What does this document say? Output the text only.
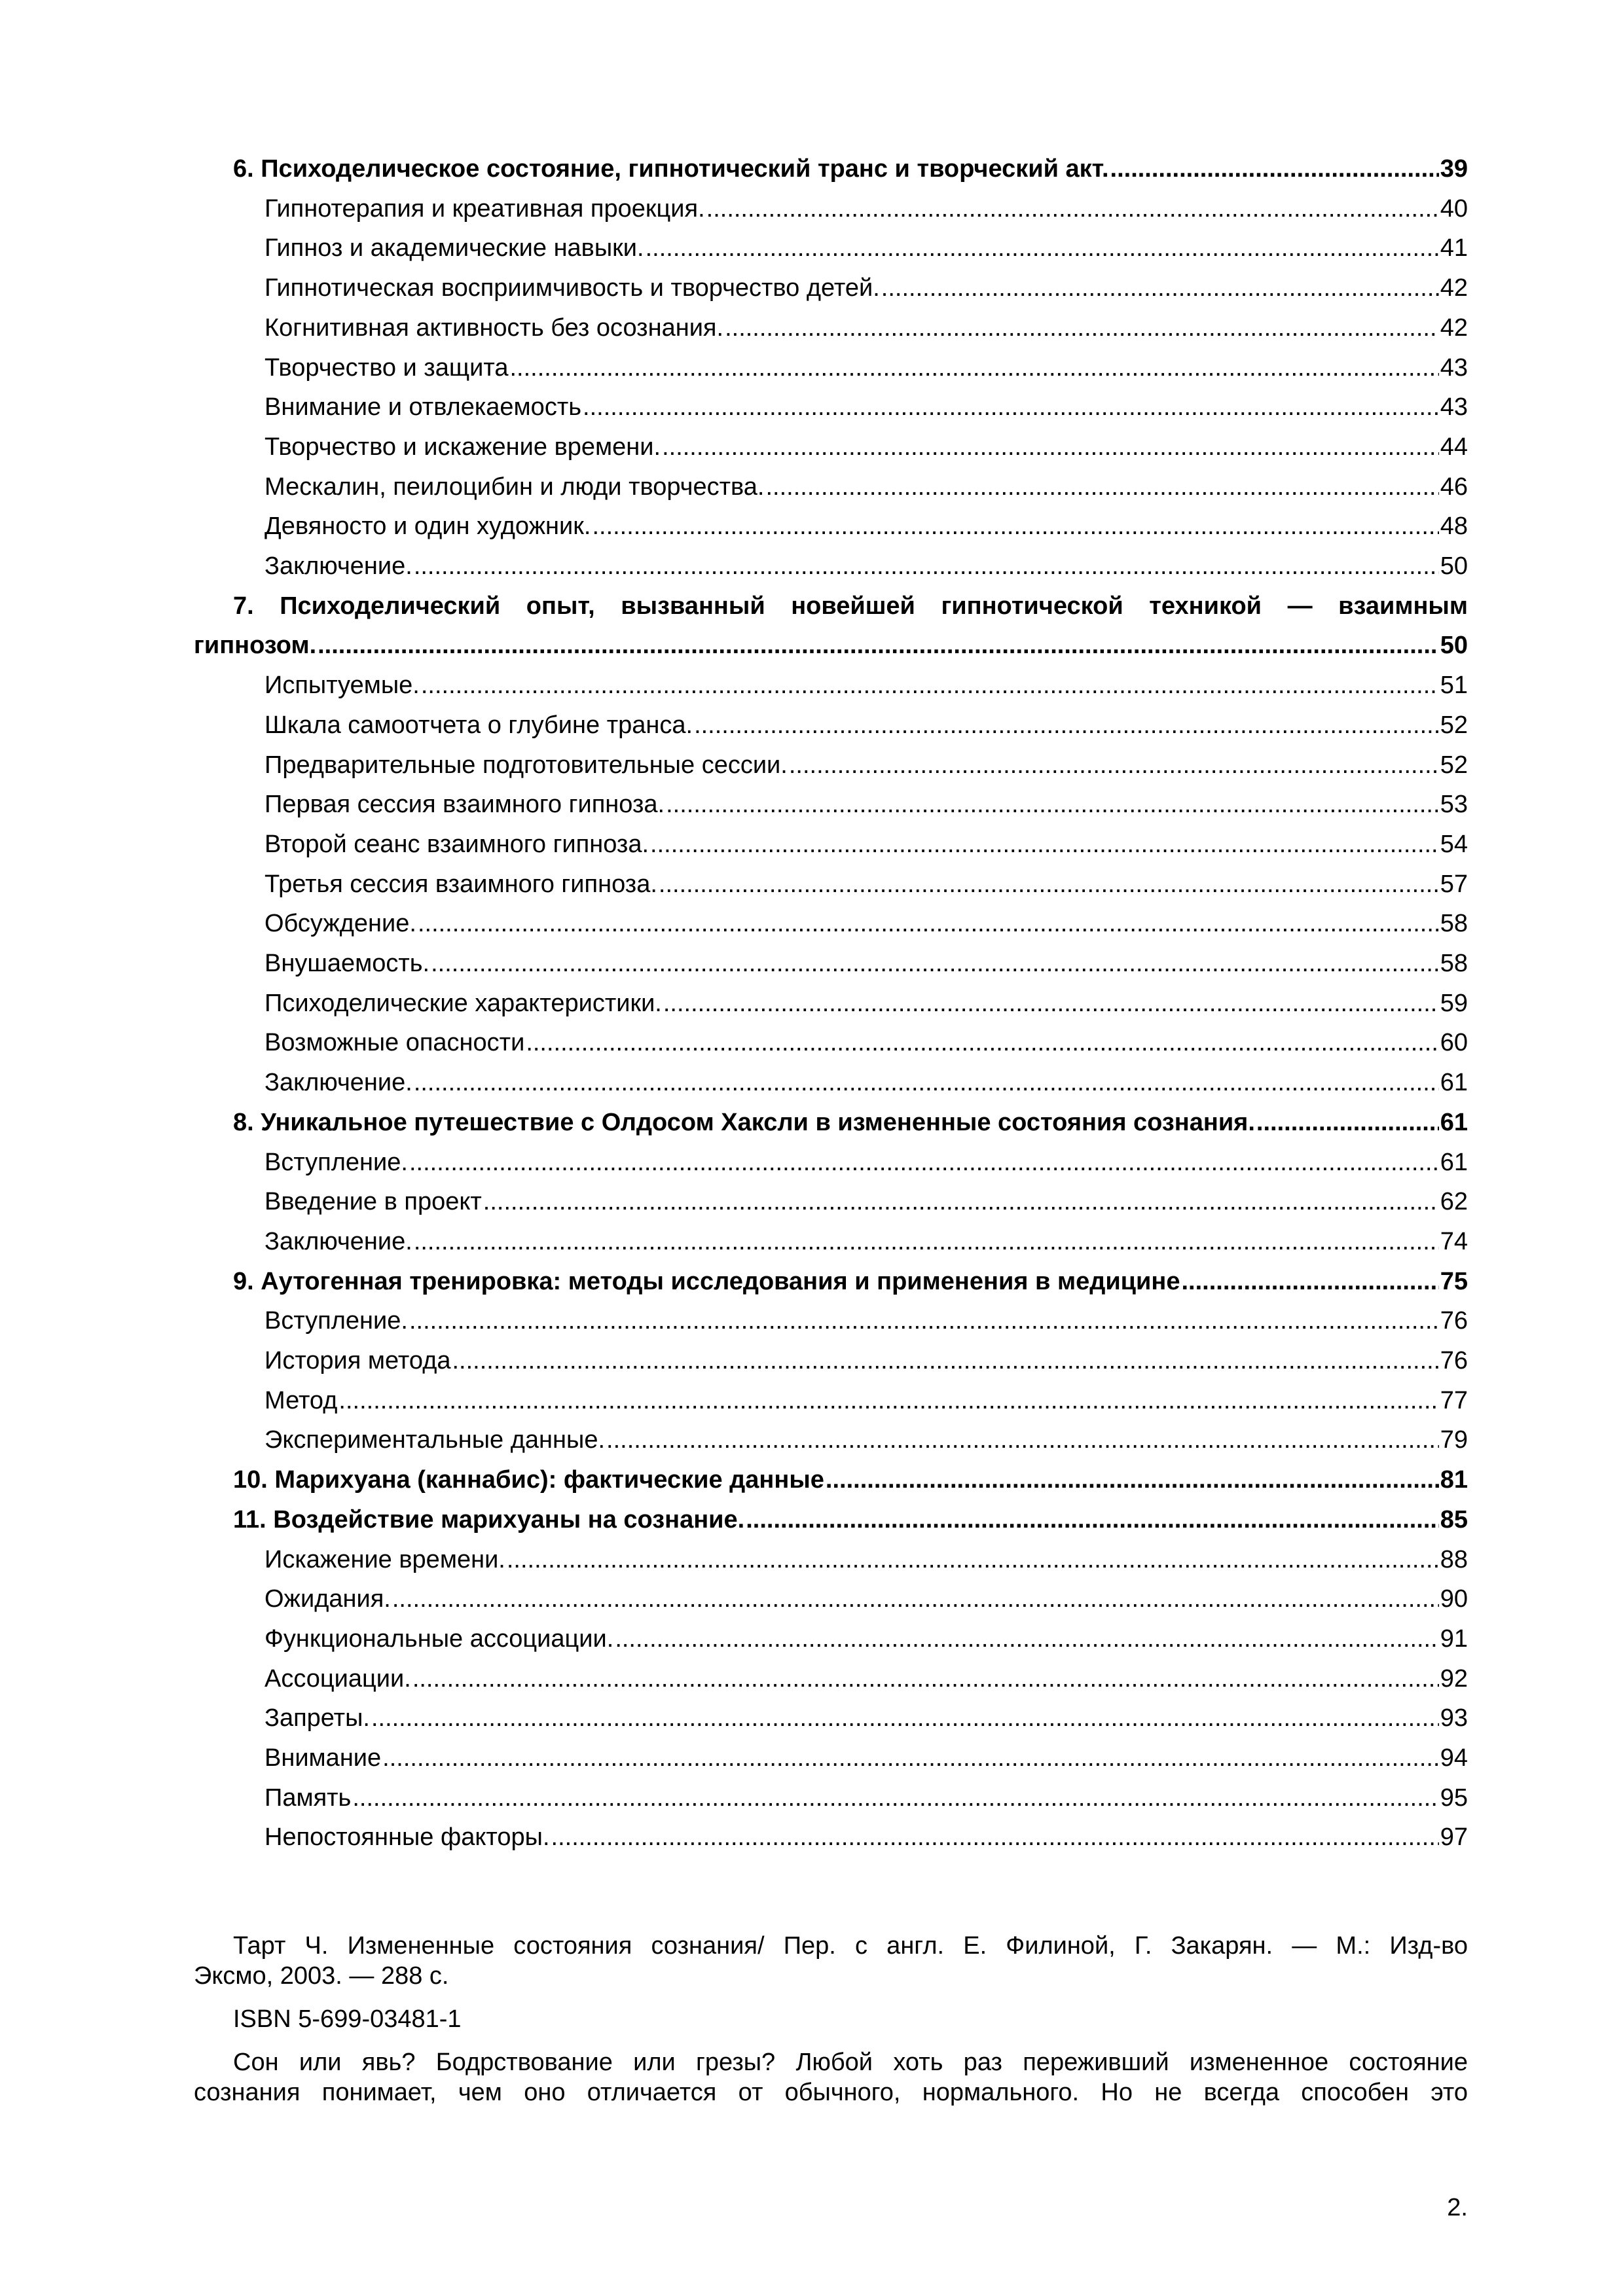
6. Психоделическое состояние, гипнотический транс и творческий акт. .....	39
Гипнотерапия и креативная проекция. .....	40
Гипноз и академические навыки. .....	41
Гипнотическая восприимчивость и творчество детей. .....	42
Когнитивная активность без осознания. .....	42
Творчество и защита .....	43
Внимание и отвлекаемость .....	43
Творчество и искажение времени. .....	44
Мескалин, пеилоцибин и люди творчества. .....	46
Девяносто и один художник. .....	48
Заключение. .....	50
7. Психоделический опыт, вызванный новейшей гипнотической техникой — взаимным
гипнозом. .....	50
Испытуемые. .....	51
Шкала самоотчета о глубине транса. .....	52
Предварительные подготовительные сессии. .....	52
Первая сессия взаимного гипноза. .....	53
Второй сеанс взаимного гипноза. .....	54
Третья сессия взаимного гипноза. .....	57
Обсуждение. .....	58
Внушаемость. .....	58
Психоделические характеристики. .....	59
Возможные опасности .....	60
Заключение. .....	61
8. Уникальное путешествие с Олдосом Хаксли в измененные состояния сознания. .....	61
Вступление. .....	61
Введение в проект .....	62
Заключение. .....	74
9. Аутогенная тренировка: методы исследования и применения в медицине .....	75
Вступление. .....	76
История метода .....	76
Метод .....	77
Экспериментальные данные. .....	79
10. Марихуана (каннабис): фактические данные .....	81
11. Воздействие марихуаны на сознание. .....	85
Искажение времени. .....	88
Ожидания. .....	90
Функциональные ассоциации. .....	91
Ассоциации. .....	92
Запреты. .....	93
Внимание .....	94
Память .....	95
Непостоянные факторы. .....	97
Тарт Ч. Измененные состояния сознания/ Пер. с англ. Е. Филиной, Г. Закарян. — М.: Изд-во
Эксмо, 2003. — 288 с.
ISBN 5-699-03481-1
Сон или явь? Бодрствование или грезы? Любой хоть раз переживший измененное состояние
сознания понимает, чем оно отличается от обычного, нормального. Но не всегда способен это
2.
